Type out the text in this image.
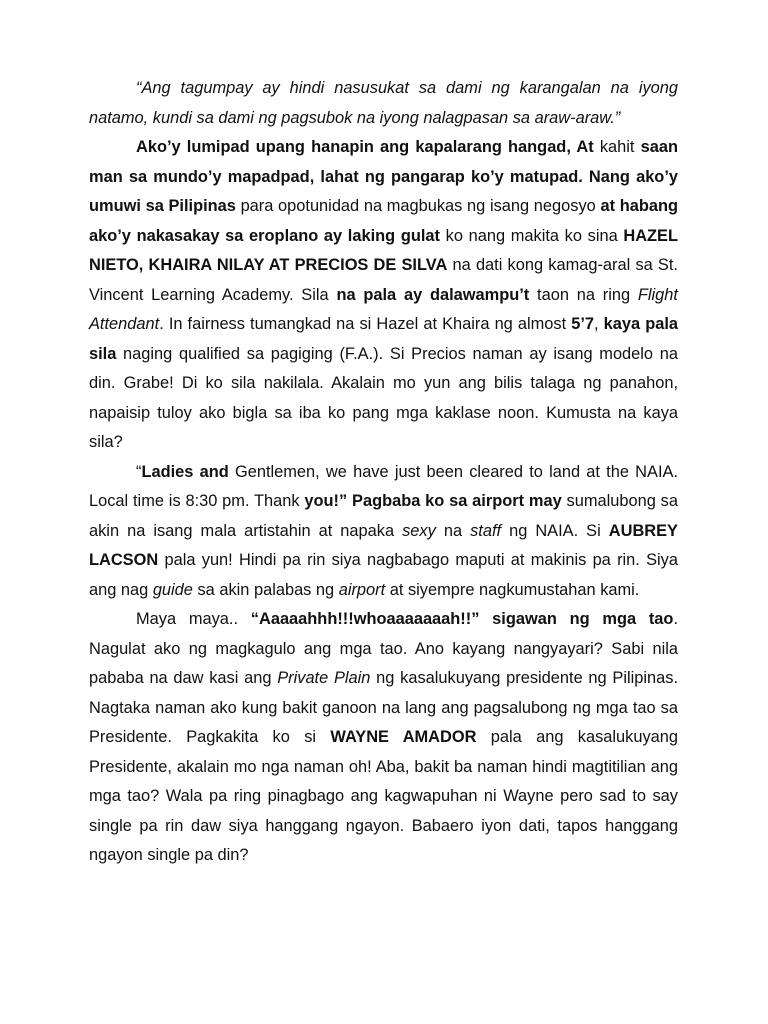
“Ang tagumpay ay hindi nasusukat sa dami ng karangalan na iyong natamo, kundi sa dami ng pagsubok na iyong nalagpasan sa araw-araw.”

Ako’y lumipad upang hanapin ang kapalarang hangad, At kahit saan man sa mundo’y mapadpad, lahat ng pangarap ko’y matupad. Nang ako’y umuwi sa Pilipinas para opotunidad na magbukas ng isang negosyo at habang ako’y nakasakay sa eroplano ay laking gulat ko nang makita ko sina HAZEL NIETO, KHAIRA NILAY AT PRECIOS DE SILVA na dati kong kamag-aral sa St. Vincent Learning Academy. Sila na pala ay dalawampu’t taon na ring Flight Attendant. In fairness tumangkad na si Hazel at Khaira ng almost 5’7, kaya pala sila naging qualified sa pagiging (F.A.). Si Precios naman ay isang modelo na din. Grabe! Di ko sila nakilala. Akalain mo yun ang bilis talaga ng panahon, napaisip tuloy ako bigla sa iba ko pang mga kaklase noon. Kumusta na kaya sila?

“Ladies and Gentlemen, we have just been cleared to land at the NAIA. Local time is 8:30 pm. Thank you!” Pagbaba ko sa airport may sumalubong sa akin na isang mala artistahin at napaka sexy na staff ng NAIA. Si AUBREY LACSON pala yun! Hindi pa rin siya nagbabago maputi at makinis pa rin. Siya ang nag guide sa akin palabas ng airport at siyempre nagkumustahan kami.

Maya maya.. “Aaaaahhh!!!whoaaaaaaah!!” sigawan ng mga tao. Nagulat ako ng magkagulo ang mga tao. Ano kayang nangyayari? Sabi nila pababa na daw kasi ang Private Plain ng kasalukuyang presidente ng Pilipinas. Nagtaka naman ako kung bakit ganoon na lang ang pagsalubong ng mga tao sa Presidente. Pagkakita ko si WAYNE AMADOR pala ang kasalukuyang Presidente, akalain mo nga naman oh! Aba, bakit ba naman hindi magtitilian ang mga tao? Wala pa ring pinagbago ang kagwapuhan ni Wayne pero sad to say single pa rin daw siya hanggang ngayon. Babaero iyon dati, tapos hanggang ngayon single pa din?
